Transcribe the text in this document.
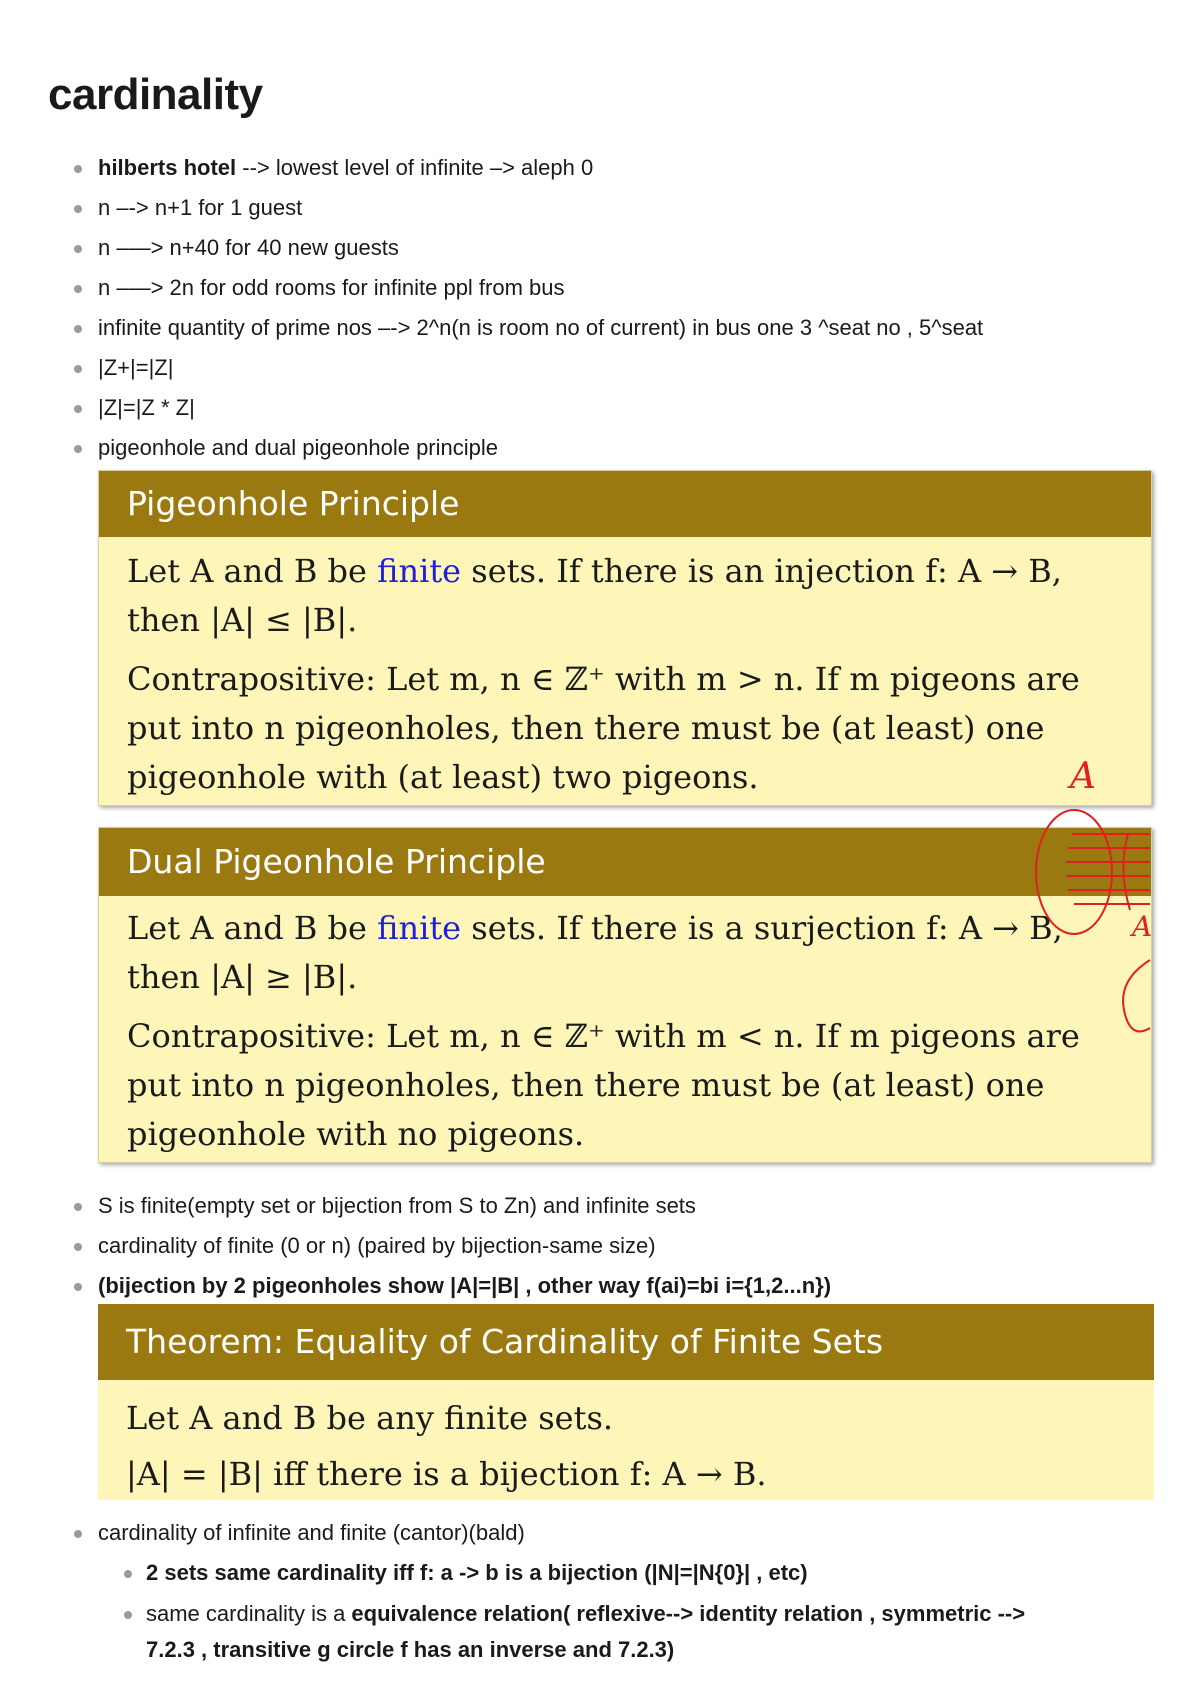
cardinality
hilberts hotel --> lowest level of infinite –> aleph 0
n –-> n+1 for 1 guest
n –—> n+40 for 40 new guests
n –—> 2n for odd rooms for infinite ppl from bus
infinite quantity of prime nos –-> 2^n(n is room no of current) in bus one 3 ^seat no , 5^seat
|Z+|=|Z|
|Z|=|Z * Z|
pigeonhole and dual pigeonhole principle
Pigeonhole Principle
Let A and B be finite sets. If there is an injection f: A → B,
then |A| ≤ |B|.
Contrapositive: Let m, n ∈ ℤ⁺ with m > n. If m pigeons are
put into n pigeonholes, then there must be (at least) one
pigeonhole with (at least) two pigeons.
Dual Pigeonhole Principle
Let A and B be finite sets. If there is a surjection f: A → B,
then |A| ≥ |B|.
Contrapositive: Let m, n ∈ ℤ⁺ with m < n. If m pigeons are
put into n pigeonholes, then there must be (at least) one
pigeonhole with no pigeons.
A
A
S is finite(empty set or bijection from S to Zn) and infinite sets
cardinality of finite (0 or n) (paired by bijection-same size)
(bijection by 2 pigeonholes show |A|=|B| , other way f(ai)=bi i={1,2...n})
Theorem: Equality of Cardinality of Finite Sets
Let A and B be any finite sets.
|A| = |B| iff there is a bijection f: A → B.
cardinality of infinite and finite (cantor)(bald)
2 sets same cardinality iff f: a -> b is a bijection (|N|=|N{0}| , etc)
same cardinality is a equivalence relation( reflexive--> identity relation , symmetric -->
7.2.3 , transitive g circle f has an inverse and 7.2.3)
